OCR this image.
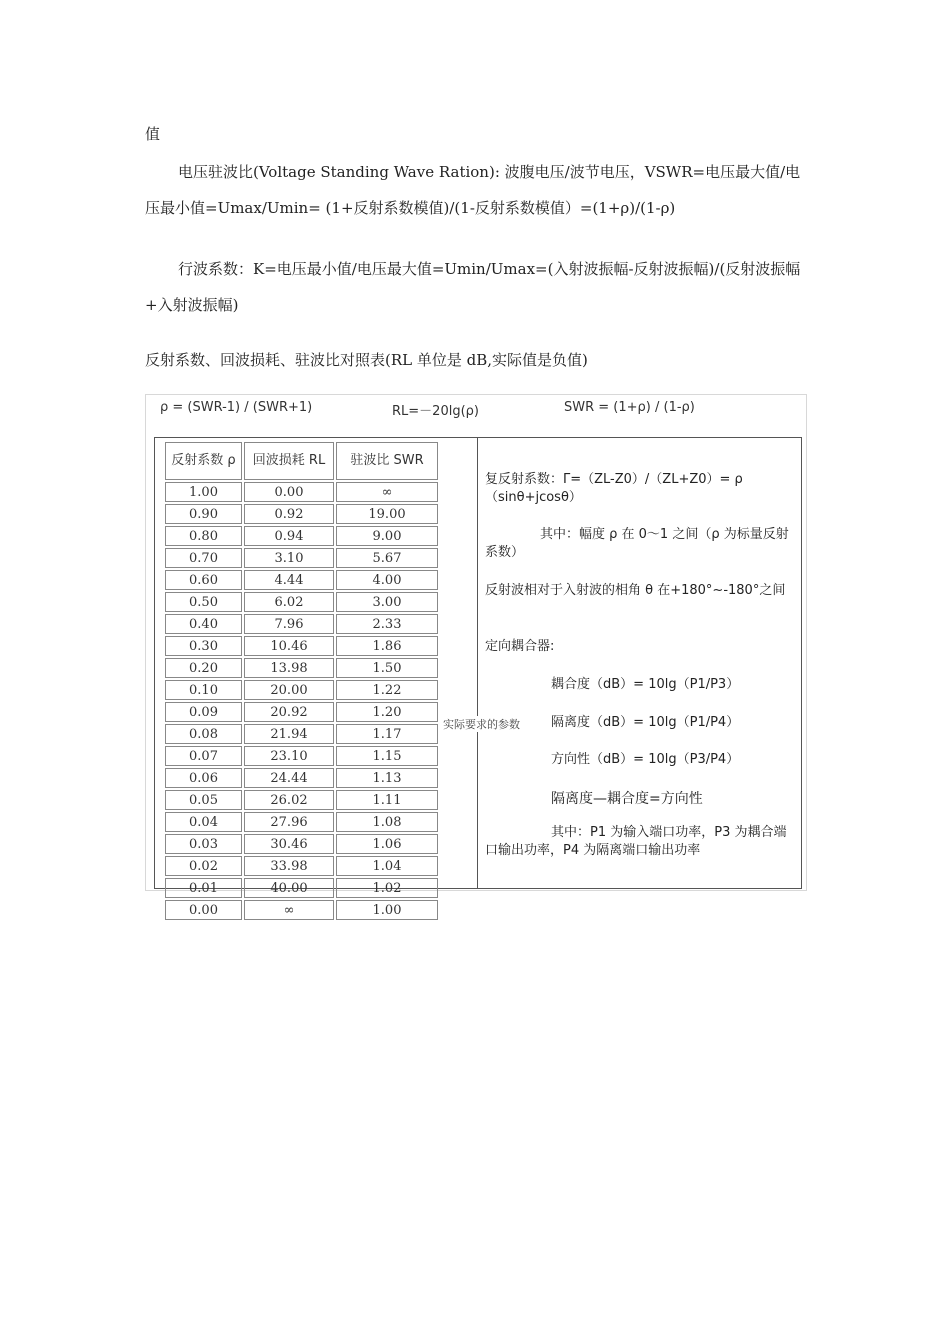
值
电压驻波比(Voltage Standing Wave Ration): 波腹电压/波节电压，VSWR=电压最大值/电压最小值=Umax/Umin= (1+反射系数模值)/(1-反射系数模值）=(1+ρ)/(1-ρ)
行波系数：K=电压最小值/电压最大值=Umin/Umax=(入射波振幅-反射波振幅)/(反射波振幅+入射波振幅)
反射系数、回波损耗、驻波比对照表(RL 单位是 dB,实际值是负值)
ρ = (SWR-1) / (SWR+1)	RL=－20lg(ρ)	SWR = (1+ρ) / (1-ρ)
反射系数 ρ	回波损耗 RL	驻波比 SWR
1.00	0.00	∞
0.90	0.92	19.00
0.80	0.94	9.00
0.70	3.10	5.67
0.60	4.44	4.00
0.50	6.02	3.00
0.40	7.96	2.33
0.30	10.46	1.86
0.20	13.98	1.50
0.10	20.00	1.22
0.09	20.92	1.20
0.08	21.94	1.17
0.07	23.10	1.15
0.06	24.44	1.13
0.05	26.02	1.11
0.04	27.96	1.08
0.03	30.46	1.06
0.02	33.98	1.04
0.01	40.00	1.02
0.00	∞	1.00
实际要求的参数
复反射系数：Γ=（ZL-Z0）/（ZL+Z0）= ρ（sinθ+jcosθ）
其中：幅度 ρ 在 0～1 之间（ρ 为标量反射系数）
反射波相对于入射波的相角 θ 在+180°~-180°之间
定向耦合器:
耦合度（dB）= 10lg（P1/P3）
隔离度（dB）= 10lg（P1/P4）
方向性（dB）= 10lg（P3/P4）
隔离度—耦合度=方向性
其中：P1 为输入端口功率，P3 为耦合端口输出功率，P4 为隔离端口输出功率
